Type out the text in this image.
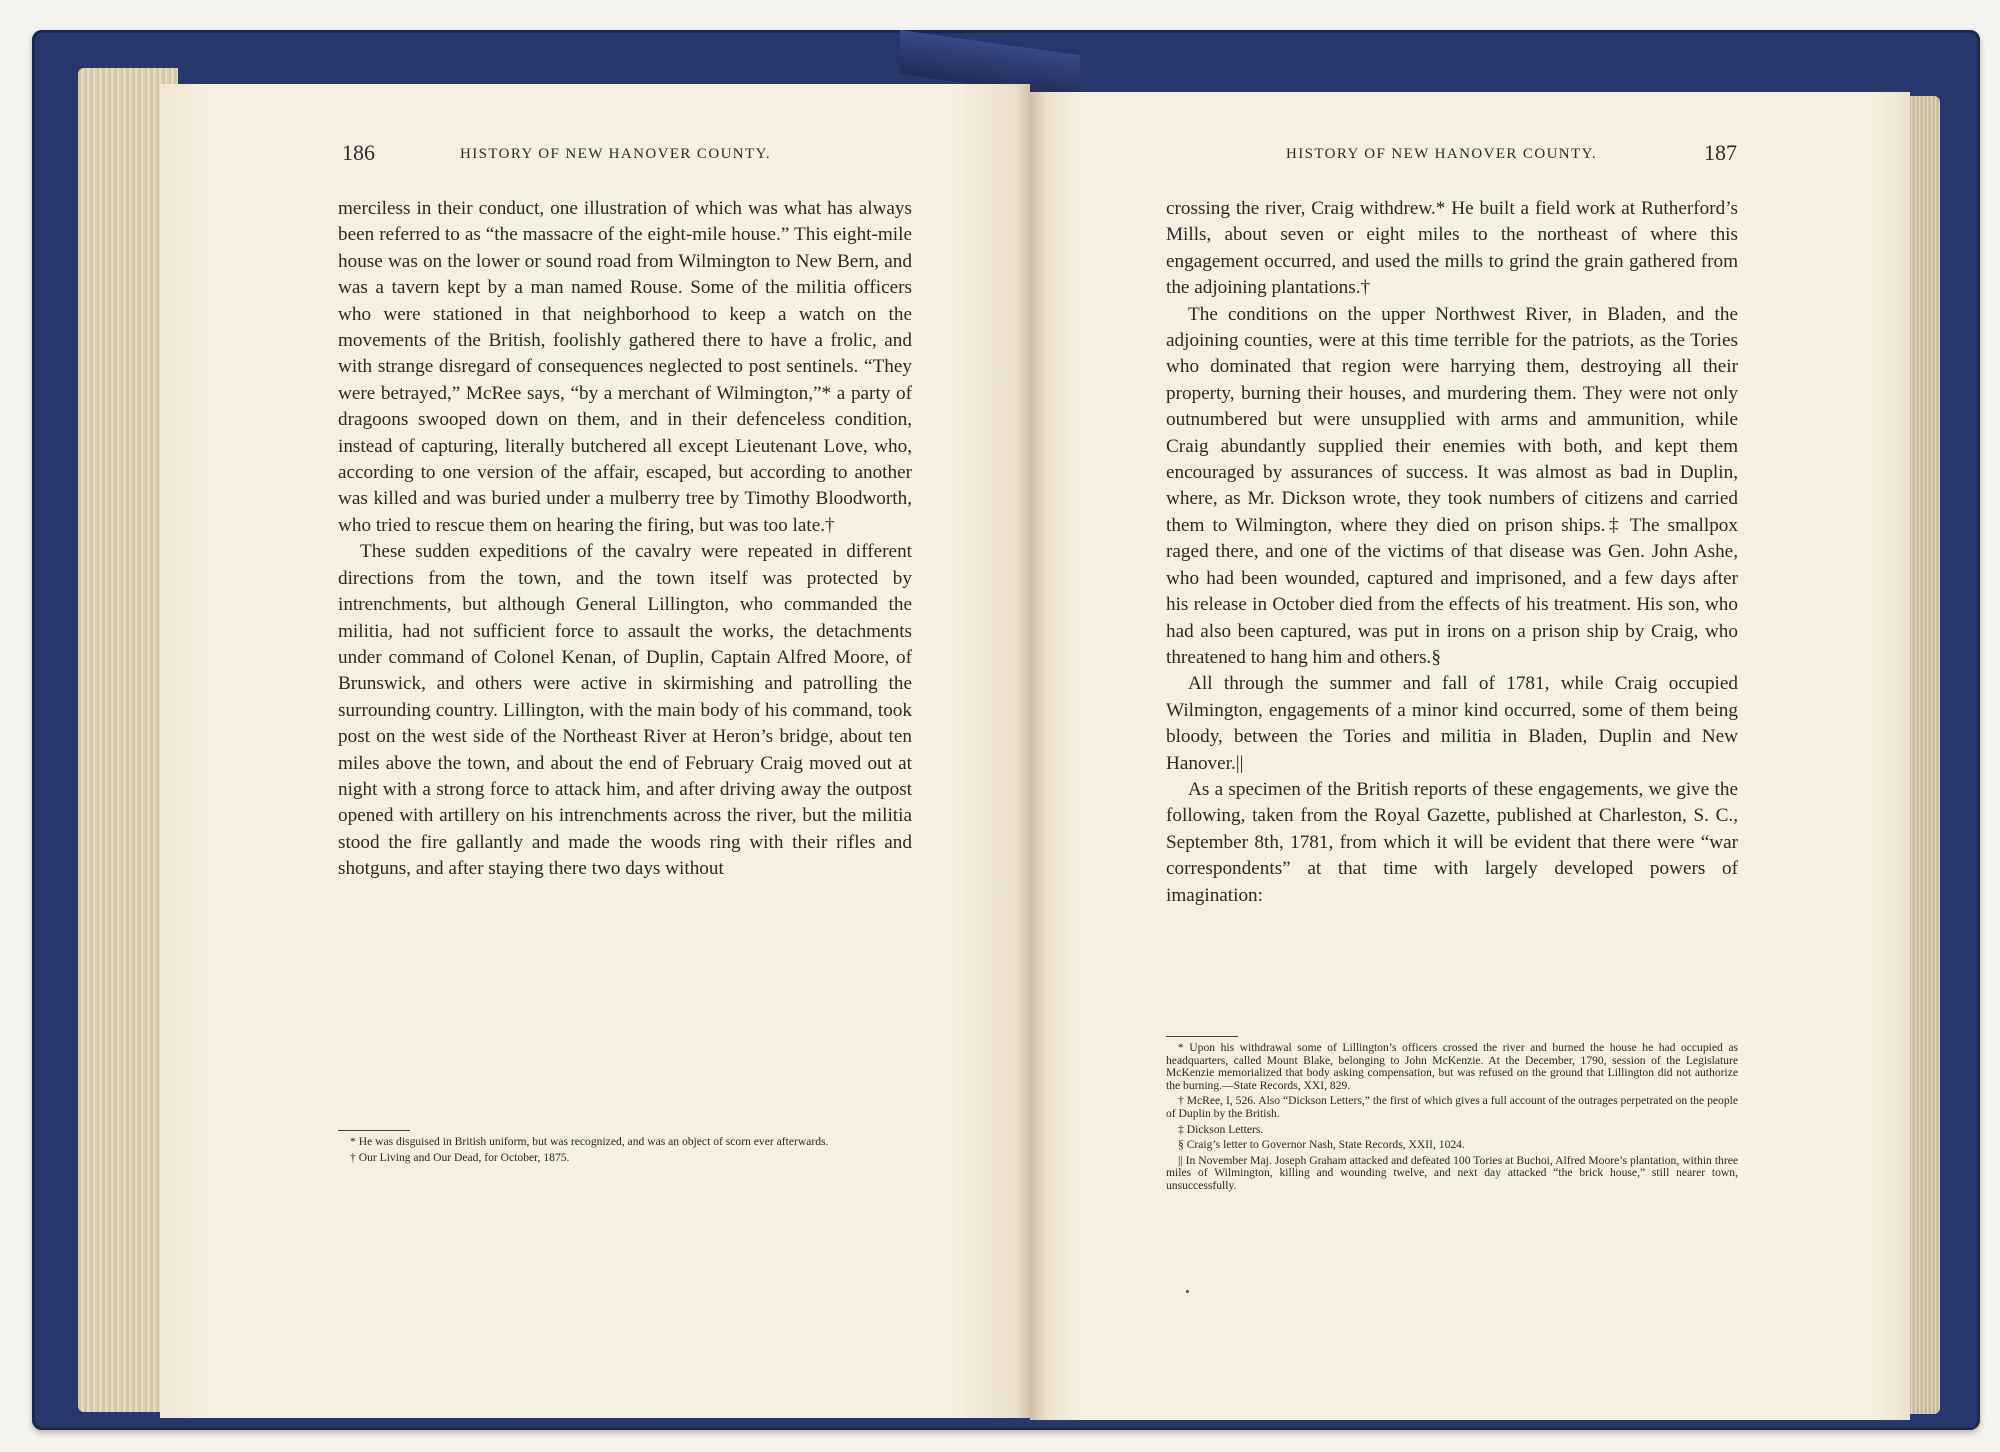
186	HISTORY OF NEW HANOVER COUNTY.

merciless in their conduct, one illustration of which was what has always been referred to as “the massacre of the eight-mile house.” This eight-mile house was on the lower or sound road from Wilmington to New Bern, and was a tavern kept by a man named Rouse. Some of the militia officers who were stationed in that neighborhood to keep a watch on the movements of the British, foolishly gathered there to have a frolic, and with strange disregard of consequences neglected to post sentinels. “They were betrayed,” McRee says, “by a merchant of Wilmington,”* a party of dragoons swooped down on them, and in their defenceless condition, instead of capturing, literally butchered all except Lieutenant Love, who, according to one version of the affair, escaped, but according to another was killed and was buried under a mulberry tree by Timothy Bloodworth, who tried to rescue them on hearing the firing, but was too late.†

These sudden expeditions of the cavalry were repeated in different directions from the town, and the town itself was protected by intrenchments, but although General Lillington, who commanded the militia, had not sufficient force to assault the works, the detachments under command of Colonel Kenan, of Duplin, Captain Alfred Moore, of Brunswick, and others were active in skirmishing and patrolling the surrounding country. Lillington, with the main body of his command, took post on the west side of the Northeast River at Heron’s bridge, about ten miles above the town, and about the end of February Craig moved out at night with a strong force to attack him, and after driving away the outpost opened with artillery on his intrenchments across the river, but the militia stood the fire gallantly and made the woods ring with their rifles and shotguns, and after staying there two days without

* He was disguised in British uniform, but was recognized, and was an object of scorn ever afterwards.

† Our Living and Our Dead, for October, 1875.

HISTORY OF NEW HANOVER COUNTY.	187

crossing the river, Craig withdrew.* He built a field work at Rutherford’s Mills, about seven or eight miles to the northeast of where this engagement occurred, and used the mills to grind the grain gathered from the adjoining plantations.†

The conditions on the upper Northwest River, in Bladen, and the adjoining counties, were at this time terrible for the patriots, as the Tories who dominated that region were harrying them, destroying all their property, burning their houses, and murdering them. They were not only outnumbered but were unsupplied with arms and ammunition, while Craig abundantly supplied their enemies with both, and kept them encouraged by assurances of success. It was almost as bad in Duplin, where, as Mr. Dickson wrote, they took numbers of citizens and carried them to Wilmington, where they died on prison ships.‡ The smallpox raged there, and one of the victims of that disease was Gen. John Ashe, who had been wounded, captured and imprisoned, and a few days after his release in October died from the effects of his treatment. His son, who had also been captured, was put in irons on a prison ship by Craig, who threatened to hang him and others.§

All through the summer and fall of 1781, while Craig occupied Wilmington, engagements of a minor kind occurred, some of them being bloody, between the Tories and militia in Bladen, Duplin and New Hanover.||

As a specimen of the British reports of these engagements, we give the following, taken from the Royal Gazette, published at Charleston, S. C., September 8th, 1781, from which it will be evident that there were “war correspondents” at that time with largely developed powers of imagination:

* Upon his withdrawal some of Lillington’s officers crossed the river and burned the house he had occupied as headquarters, called Mount Blake, belonging to John McKenzie. At the December, 1790, session of the Legislature McKenzie memorialized that body asking compensation, but was refused on the ground that Lillington did not authorize the burning.—State Records, XXI, 829.

† McRee, I, 526. Also “Dickson Letters,” the first of which gives a full account of the outrages perpetrated on the people of Duplin by the British.

‡ Dickson Letters.

§ Craig’s letter to Governor Nash, State Records, XXII, 1024.

|| In November Maj. Joseph Graham attacked and defeated 100 Tories at Buchoi, Alfred Moore’s plantation, within three miles of Wilmington, killing and wounding twelve, and next day attacked “the brick house,” still nearer town, unsuccessfully.
